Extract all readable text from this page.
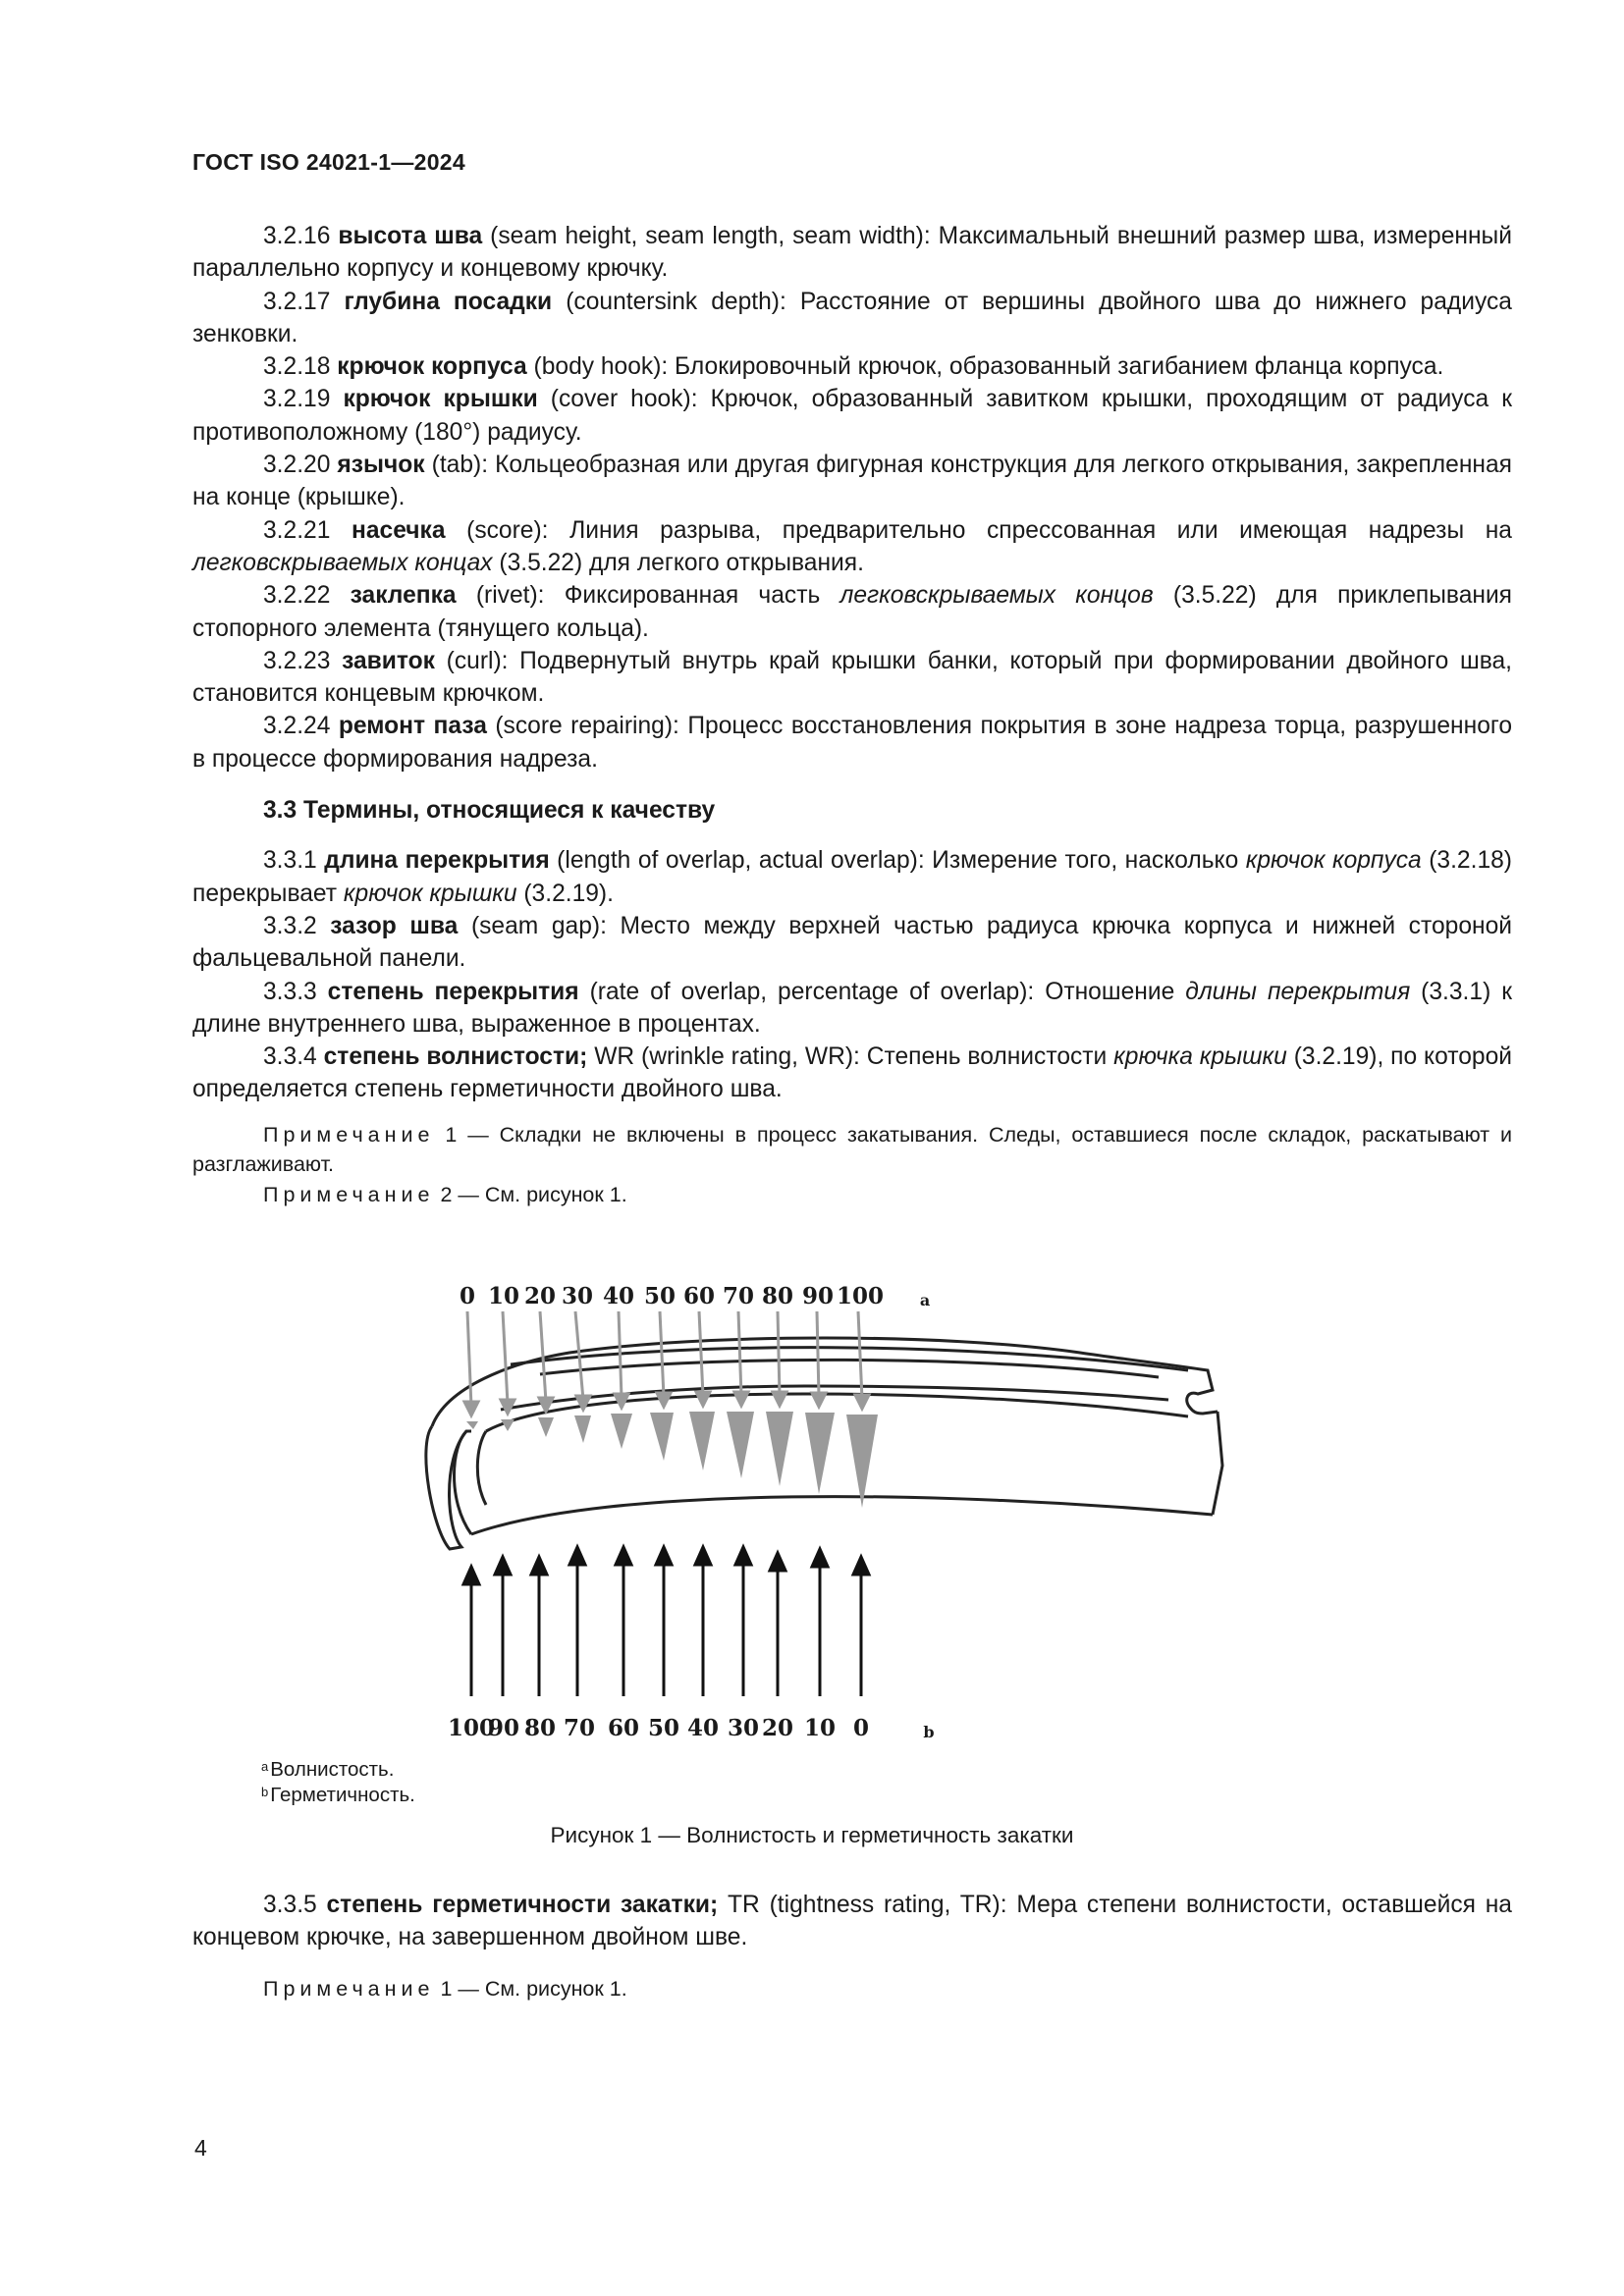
ГОСТ ISO 24021-1—2024

3.2.16 высота шва (seam height, seam length, seam width): Максимальный внешний размер шва, измеренный параллельно корпусу и концевому крючку.

3.2.17 глубина посадки (countersink depth): Расстояние от вершины двойного шва до нижнего радиуса зенковки.

3.2.18 крючок корпуса (body hook): Блокировочный крючок, образованный загибанием фланца корпуса.

3.2.19 крючок крышки (cover hook): Крючок, образованный завитком крышки, проходящим от радиуса к противоположному (180°) радиусу.

3.2.20 язычок (tab): Кольцеобразная или другая фигурная конструкция для легкого открывания, закрепленная на конце (крышке).

3.2.21 насечка (score): Линия разрыва, предварительно спрессованная или имеющая надрезы на легковскрываемых концах (3.5.22) для легкого открывания.

3.2.22 заклепка (rivet): Фиксированная часть легковскрываемых концов (3.5.22) для приклепывания стопорного элемента (тянущего кольца).

3.2.23 завиток (curl): Подвернутый внутрь край крышки банки, который при формировании двойного шва, становится концевым крючком.

3.2.24 ремонт паза (score repairing): Процесс восстановления покрытия в зоне надреза торца, разрушенного в процессе формирования надреза.

3.3 Термины, относящиеся к качеству

3.3.1 длина перекрытия (length of overlap, actual overlap): Измерение того, насколько крючок корпуса (3.2.18) перекрывает крючок крышки (3.2.19).

3.3.2 зазор шва (seam gap): Место между верхней частью радиуса крючка корпуса и нижней стороной фальцевальной панели.

3.3.3 степень перекрытия (rate of overlap, percentage of overlap): Отношение длины перекрытия (3.3.1) к длине внутреннего шва, выраженное в процентах.

3.3.4 степень волнистости; WR (wrinkle rating, WR): Степень волнистости крючка крышки (3.2.19), по которой определяется степень герметичности двойного шва.

Примечание 1 — Складки не включены в процесс закатывания. Следы, оставшиеся после складок, раскатывают и разглаживают.

Примечание 2 — См. рисунок 1.

0 10 20 30 40 50 60 70 80 90 100 a
100
90 80 70 60 50 40 30 20 10 0	b
$^a$Волнистость.
$^b$Герметичность.
Рисунок 1 — Волнистость и герметичность закатки

3.3.5 степень герметичности закатки; TR (tightness rating, TR): Мера степени волнистости, оставшейся на концевом крючке, на завершенном двойном шве.

Примечание 1 — См. рисунок 1.

4
